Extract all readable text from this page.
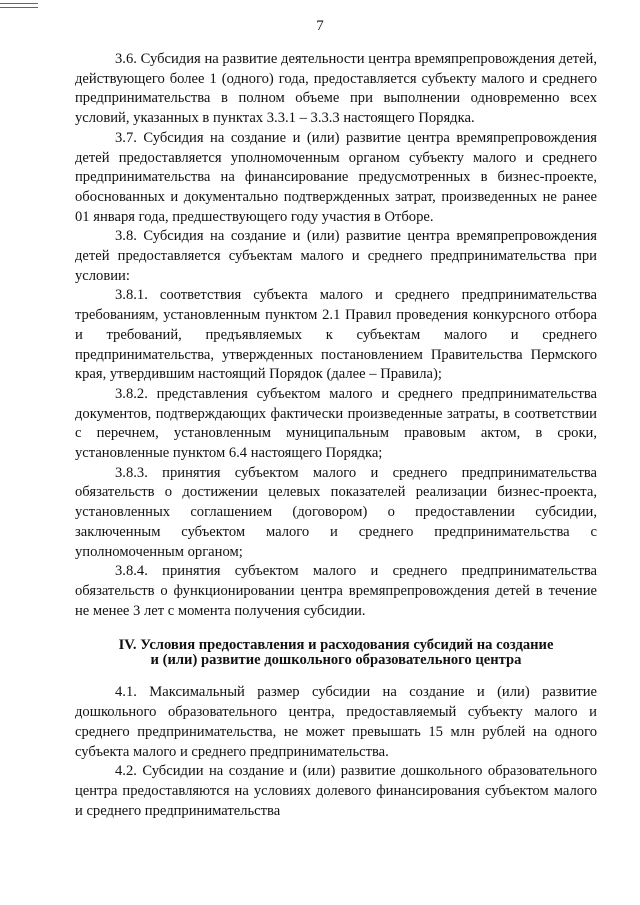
7

3.6. Субсидия на развитие деятельности центра времяпрепровождения детей, действующего более 1 (одного) года, предоставляется субъекту малого и среднего предпринимательства в полном объеме при выполнении одновременно всех условий, указанных в пунктах 3.3.1 – 3.3.3 настоящего Порядка.

3.7. Субсидия на создание и (или) развитие центра времяпрепровождения детей предоставляется уполномоченным органом субъекту малого и среднего предпринимательства на финансирование предусмотренных в бизнес-проекте, обоснованных и документально подтвержденных затрат, произведенных не ранее 01 января года, предшествующего году участия в Отборе.

3.8. Субсидия на создание и (или) развитие центра времяпрепровождения детей предоставляется субъектам малого и среднего предпринимательства при условии:

3.8.1. соответствия субъекта малого и среднего предпринимательства требованиям, установленным пунктом 2.1 Правил проведения конкурсного отбора и требований, предъявляемых к субъектам малого и среднего предпринимательства, утвержденных постановлением Правительства Пермского края, утвердившим настоящий Порядок (далее – Правила);

3.8.2. представления субъектом малого и среднего предпринимательства документов, подтверждающих фактически произведенные затраты, в соответствии с перечнем, установленным муниципальным правовым актом, в сроки, установленные пунктом 6.4 настоящего Порядка;

3.8.3. принятия субъектом малого и среднего предпринимательства обязательств о достижении целевых показателей реализации бизнес-проекта, установленных соглашением (договором) о предоставлении субсидии, заключенным субъектом малого и среднего предпринимательства с уполномоченным органом;

3.8.4. принятия субъектом малого и среднего предпринимательства обязательств о функционировании центра времяпрепровождения детей в течение не менее 3 лет с момента получения субсидии.

IV. Условия предоставления и расходования субсидий на создание
и (или) развитие дошкольного образовательного центра

4.1. Максимальный размер субсидии на создание и (или) развитие дошкольного образовательного центра, предоставляемый субъекту малого и среднего предпринимательства, не может превышать 15 млн рублей на одного субъекта малого и среднего предпринимательства.

4.2. Субсидии на создание и (или) развитие дошкольного образовательного центра предоставляются на условиях долевого финансирования субъектом малого и среднего предпринимательства
